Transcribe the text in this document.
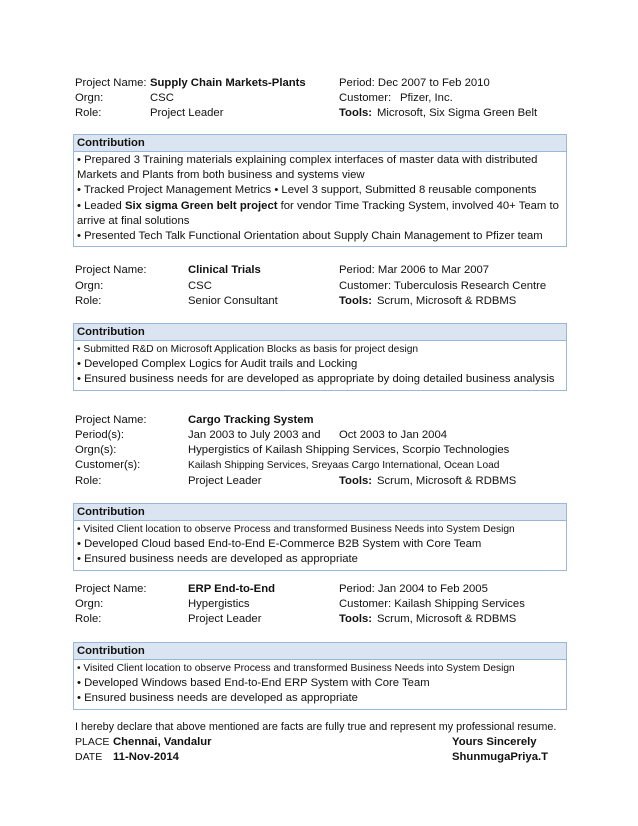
Project Name: Supply Chain Markets-Plants	Period: Dec 2007 to Feb 2010
Orgn:	CSC	Customer: Pfizer, Inc.
Role:	Project Leader	Tools: Microsoft, Six Sigma Green Belt
Contribution
• Prepared 3 Training materials explaining complex interfaces of master data with distributed Markets and Plants from both business and systems view
• Tracked Project Management Metrics • Level 3 support, Submitted 8 reusable components
• Leaded Six sigma Green belt project for vendor Time Tracking System, involved 40+ Team to arrive at final solutions
• Presented Tech Talk Functional Orientation about Supply Chain Management to Pfizer team
Project Name:	Clinical Trials	Period: Mar 2006 to Mar 2007
Orgn:	CSC	Customer: Tuberculosis Research Centre
Role:	Senior Consultant	Tools: Scrum, Microsoft & RDBMS
Contribution
• Submitted R&D on Microsoft Application Blocks as basis for project design
• Developed Complex Logics for Audit trails and Locking
• Ensured business needs for are developed as appropriate by doing detailed business analysis
Project Name:	Cargo Tracking System
Period(s):	Jan 2003 to July 2003 and Oct 2003 to Jan 2004
Orgn(s):	Hypergistics of Kailash Shipping Services, Scorpio Technologies
Customer(s):	Kailash Shipping Services, Sreyaas Cargo International, Ocean Load
Role:	Project Leader	Tools: Scrum, Microsoft & RDBMS
Contribution
• Visited Client location to observe Process and transformed Business Needs into System Design
• Developed Cloud based End-to-End E-Commerce B2B System with Core Team
• Ensured business needs are developed as appropriate
Project Name:	ERP End-to-End	Period: Jan 2004 to Feb 2005
Orgn:	Hypergistics	Customer: Kailash Shipping Services
Role:	Project Leader	Tools: Scrum, Microsoft & RDBMS
Contribution
• Visited Client location to observe Process and transformed Business Needs into System Design
• Developed Windows based End-to-End ERP System with Core Team
• Ensured business needs are developed as appropriate
I hereby declare that above mentioned are facts are fully true and represent my professional resume.
PLACE Chennai, Vandalur	Yours Sincerely
DATE 11-Nov-2014	ShunmugaPriya.T
